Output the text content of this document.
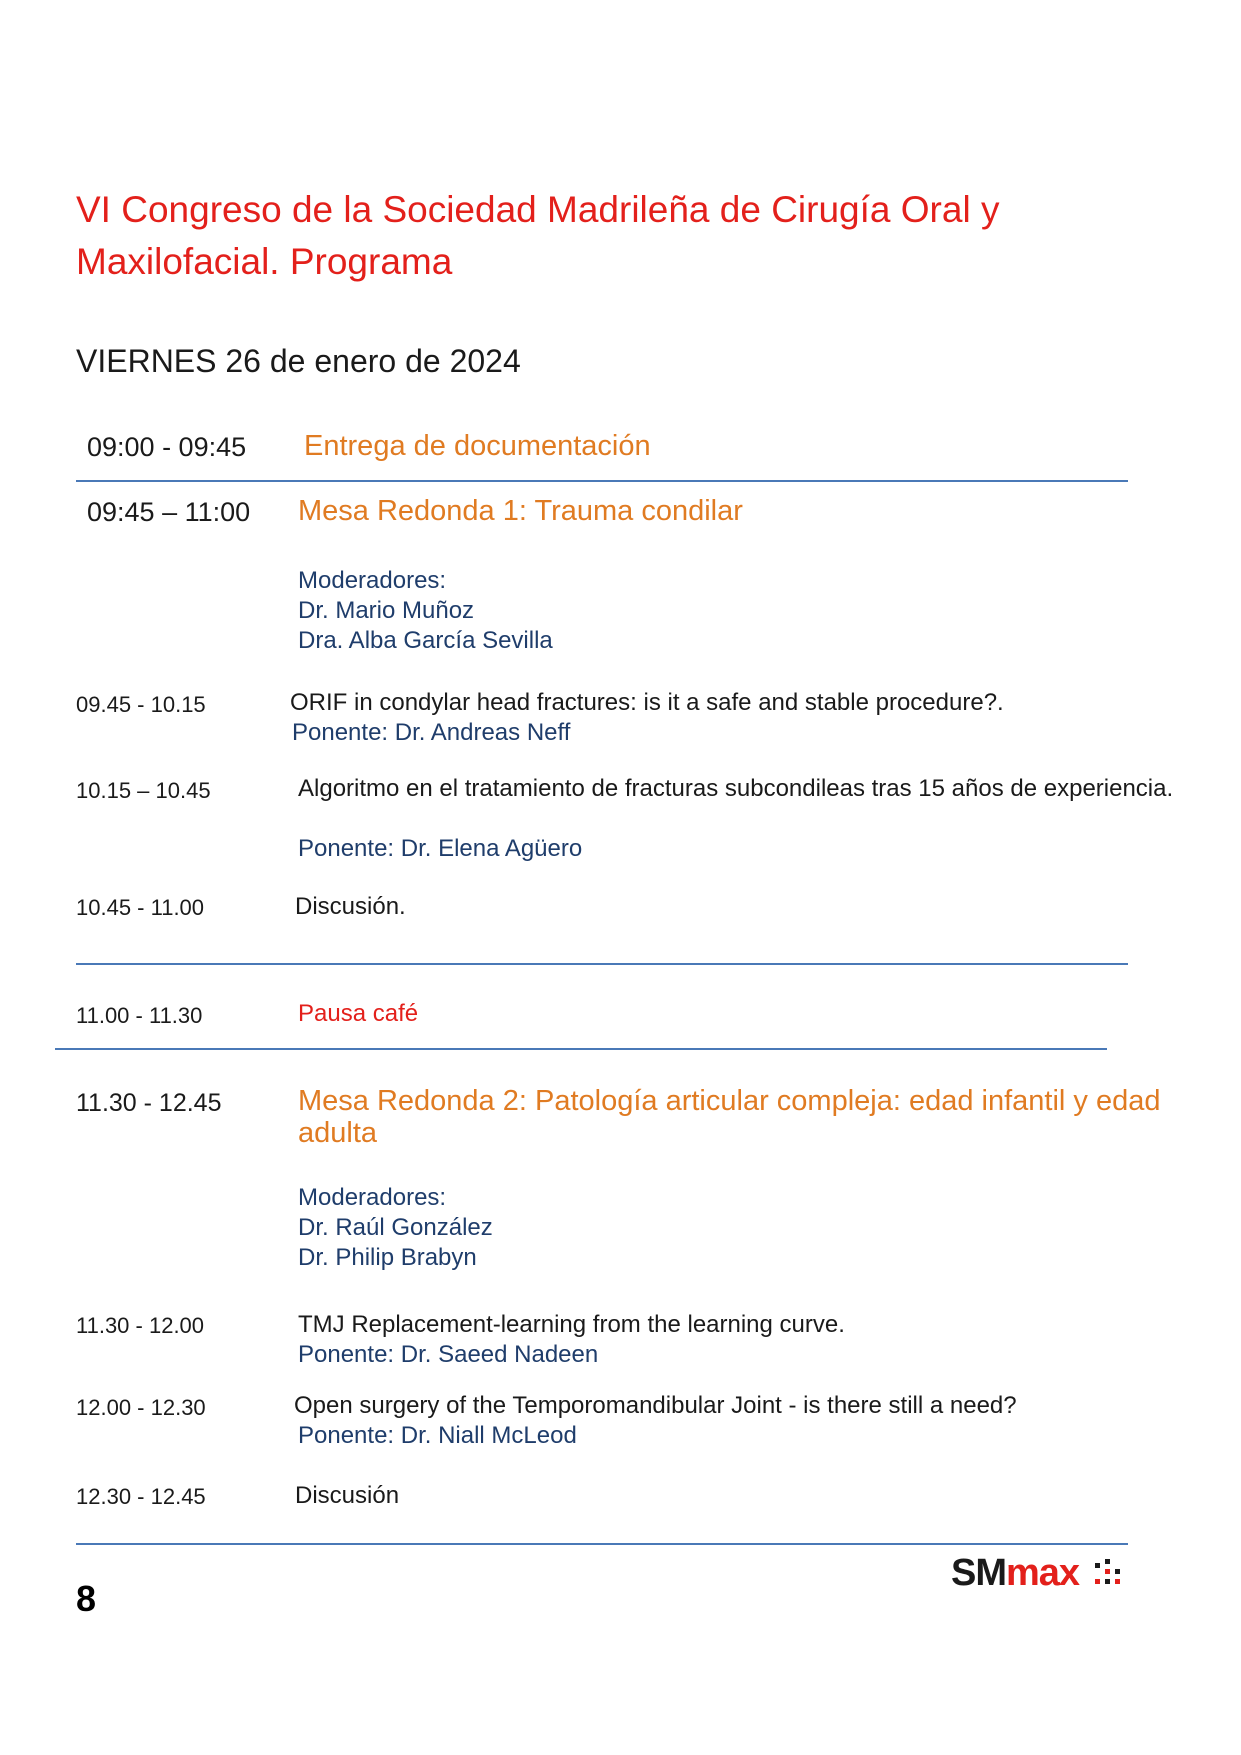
VI Congreso de la Sociedad Madrileña de Cirugía Oral y Maxilofacial. Programa
VIERNES 26 de enero de 2024
09:00 - 09:45 Entrega de documentación
09:45 – 11:00 Mesa Redonda 1: Trauma condilar
Moderadores:
Dr. Mario Muñoz
Dra. Alba García Sevilla
09.45 - 10.15	ORIF in condylar head fractures: is it a safe and stable procedure?.
Ponente: Dr. Andreas Neff
10.15 – 10.45	Algoritmo en el tratamiento de fracturas subcondileas tras 15 años de experiencia.
Ponente: Dr. Elena Agüero
10.45 - 11.00	Discusión.
11.00 - 11.30	Pausa café
11.30 - 12.45	Mesa Redonda 2: Patología articular compleja: edad infantil y edad adulta
Moderadores:
Dr. Raúl González
Dr. Philip Brabyn
11.30 - 12.00	TMJ Replacement-learning from the learning curve.
Ponente: Dr. Saeed Nadeen
12.00 - 12.30	Open surgery of the Temporomandibular Joint - is there still a need?
Ponente: Dr. Niall McLeod
12.30 - 12.45	Discusión
8
SM max
